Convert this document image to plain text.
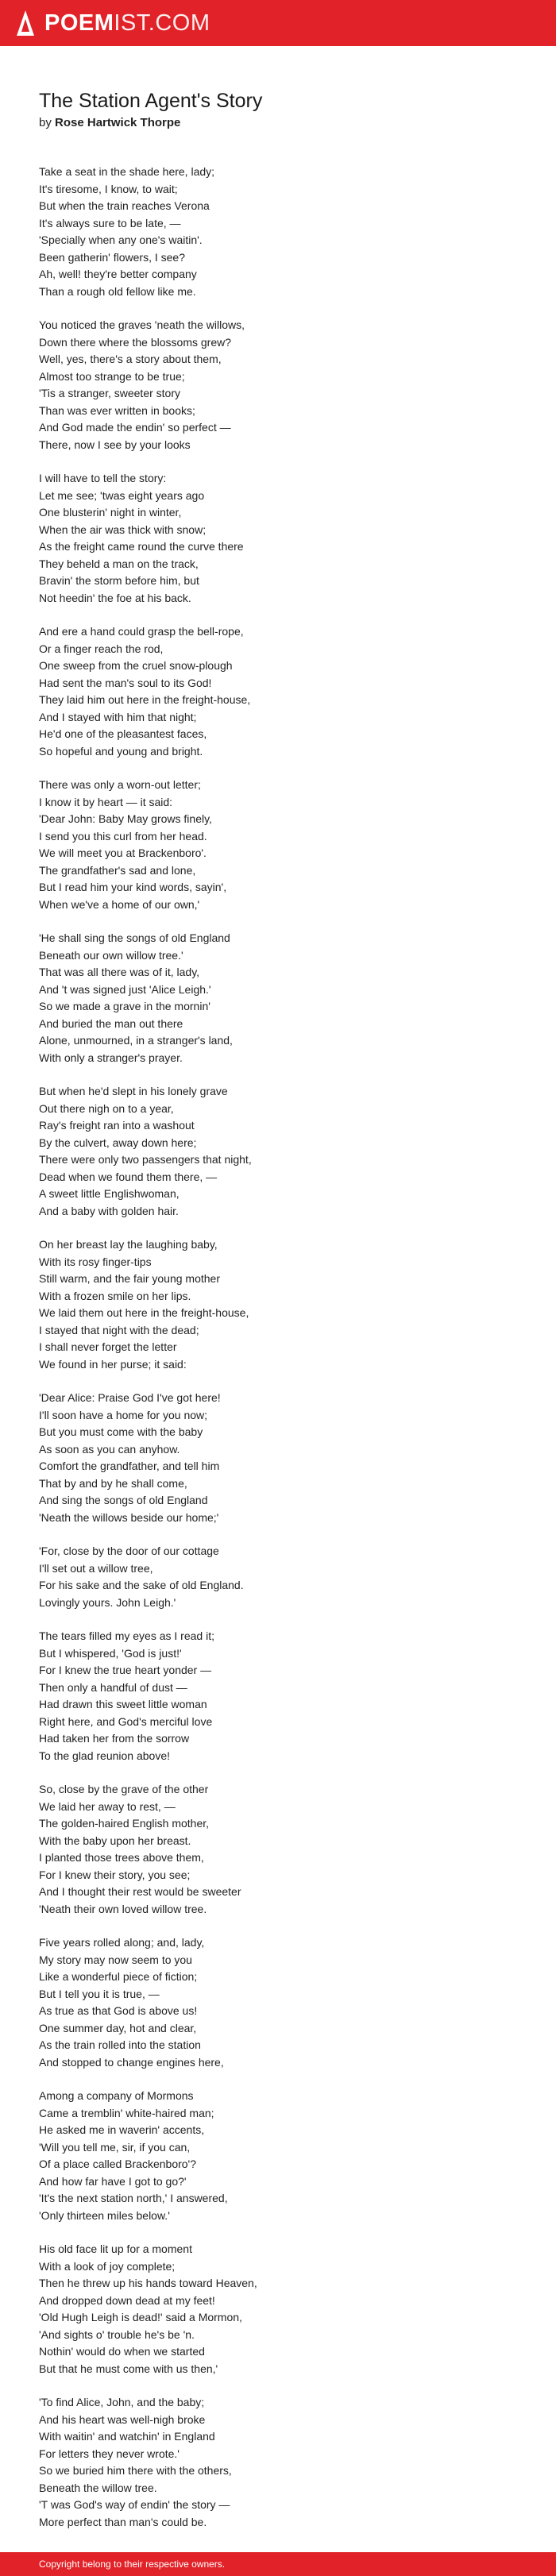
POEMIST.COM
The Station Agent's Story
by Rose Hartwick Thorpe
Take a seat in the shade here, lady;
It's tiresome, I know, to wait;
But when the train reaches Verona
It's always sure to be late, —
'Specially when any one's waitin'.
Been gatherin' flowers, I see?
Ah, well! they're better company
Than a rough old fellow like me.
You noticed the graves 'neath the willows,
Down there where the blossoms grew?
Well, yes, there's a story about them,
Almost too strange to be true;
'Tis a stranger, sweeter story
Than was ever written in books;
And God made the endin' so perfect —
There, now I see by your looks
I will have to tell the story:
Let me see; 'twas eight years ago
One blusterin' night in winter,
When the air was thick with snow;
As the freight came round the curve there
They beheld a man on the track,
Bravin' the storm before him, but
Not heedin' the foe at his back.
And ere a hand could grasp the bell-rope,
Or a finger reach the rod,
One sweep from the cruel snow-plough
Had sent the man's soul to its God!
They laid him out here in the freight-house,
And I stayed with him that night;
He'd one of the pleasantest faces,
So hopeful and young and bright.
There was only a worn-out letter;
I know it by heart — it said:
'Dear John: Baby May grows finely,
I send you this curl from her head.
We will meet you at Brackenboro'.
The grandfather's sad and lone,
But I read him your kind words, sayin',
When we've a home of our own,'
'He shall sing the songs of old England
Beneath our own willow tree.'
That was all there was of it, lady,
And 't was signed just 'Alice Leigh.'
So we made a grave in the mornin'
And buried the man out there
Alone, unmourned, in a stranger's land,
With only a stranger's prayer.
But when he'd slept in his lonely grave
Out there nigh on to a year,
Ray's freight ran into a washout
By the culvert, away down here;
There were only two passengers that night,
Dead when we found them there, —
A sweet little Englishwoman,
And a baby with golden hair.
On her breast lay the laughing baby,
With its rosy finger-tips
Still warm, and the fair young mother
With a frozen smile on her lips.
We laid them out here in the freight-house,
I stayed that night with the dead;
I shall never forget the letter
We found in her purse; it said:
'Dear Alice: Praise God I've got here!
I'll soon have a home for you now;
But you must come with the baby
As soon as you can anyhow.
Comfort the grandfather, and tell him
That by and by he shall come,
And sing the songs of old England
'Neath the willows beside our home;'
'For, close by the door of our cottage
I'll set out a willow tree,
For his sake and the sake of old England.
Lovingly yours. John Leigh.'
The tears filled my eyes as I read it;
But I whispered, 'God is just!'
For I knew the true heart yonder —
Then only a handful of dust —
Had drawn this sweet little woman
Right here, and God's merciful love
Had taken her from the sorrow
To the glad reunion above!
So, close by the grave of the other
We laid her away to rest, —
The golden-haired English mother,
With the baby upon her breast.
I planted those trees above them,
For I knew their story, you see;
And I thought their rest would be sweeter
'Neath their own loved willow tree.
Five years rolled along; and, lady,
My story may now seem to you
Like a wonderful piece of fiction;
But I tell you it is true, —
As true as that God is above us!
One summer day, hot and clear,
As the train rolled into the station
And stopped to change engines here,
Among a company of Mormons
Came a tremblin' white-haired man;
He asked me in waverin' accents,
'Will you tell me, sir, if you can,
Of a place called Brackenboro'?
And how far have I got to go?'
'It's the next station north,' I answered,
'Only thirteen miles below.'
His old face lit up for a moment
With a look of joy complete;
Then he threw up his hands toward Heaven,
And dropped down dead at my feet!
'Old Hugh Leigh is dead!' said a Mormon,
'And sights o' trouble he's be 'n.
Nothin' would do when we started
But that he must come with us then,'
'To find Alice, John, and the baby;
And his heart was well-nigh broke
With waitin' and watchin' in England
For letters they never wrote.'
So we buried him there with the others,
Beneath the willow tree.
'T was God's way of endin' the story —
More perfect than man's could be.
Copyright belong to their respective owners.
